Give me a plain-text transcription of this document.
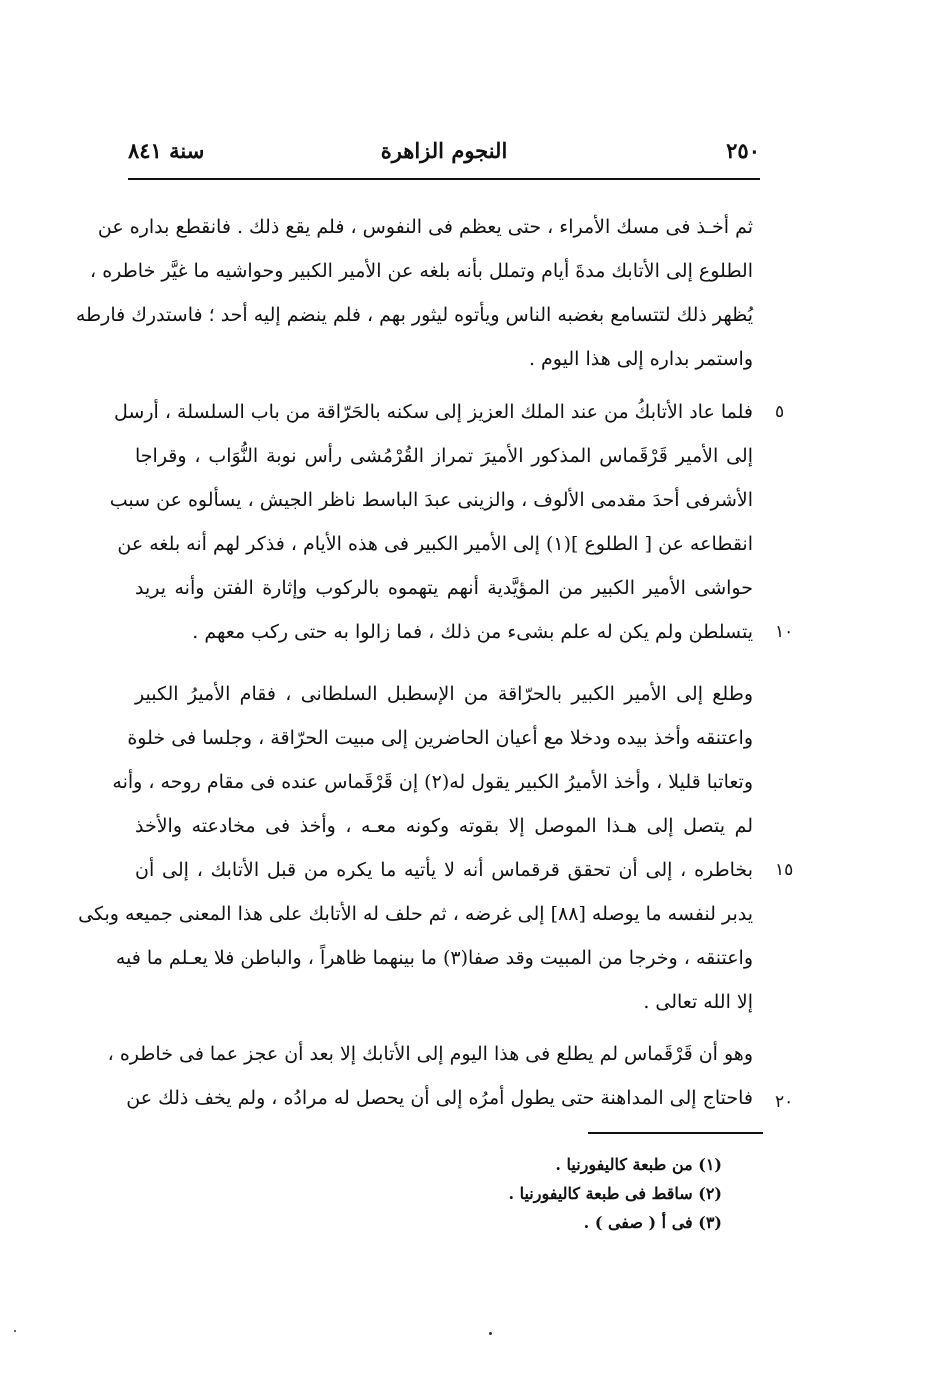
٢٥٠
النجوم الزاهرة
سنة ٨٤١
ثم أخـذ فى مسك الأمراء ، حتى يعظم فى النفوس ، فلم يقع ذلك . فانقطع بداره عن
الطلوع إلى الأتابك مدةَ أيام وتملل بأنه بلغه عن الأمير الكبير وحواشيه ما غيَّر خاطره ،
يُظهر ذلك لتتسامع بغضبه الناس ويأتوه ليثور بهم ، فلم ينضم إليه أحد ؛ فاستدرك فارطه
واستمر بداره إلى هذا اليوم .
فلما عاد الأتابكُ من عند الملك العزيز إلى سكنه بالحَرّاقة من باب السلسلة ، أرسل
إلى الأمير قَرْقَماس المذكور الأميرَ تمراز القُرْمُشى رأس نوبة النُّوَاب ، وقراجا
الأشرفى أحدَ مقدمى الألوف ، والزينى عبدَ الباسط ناظر الجيش ، يسألوه عن سبب
انقطاعه عن [ الطلوع ](١) إلى الأمير الكبير فى هذه الأيام ، فذكر لهم أنه بلغه عن
حواشى الأمير الكبير من المؤيَّدية أنهم يتهموه بالركوب وإثارة الفتن وأنه يريد
يتسلطن ولم يكن له علم بشىء من ذلك ، فما زالوا به حتى ركب معهم .
وطلع إلى الأمير الكبير بالحرّاقة من الإسطبل السلطانى ، فقام الأميرُ الكبير
واعتنقه وأخذ بيده ودخلا مع أعيان الحاضرين إلى مبيت الحرّاقة ، وجلسا فى خلوة
وتعاتبا قليلا ، وأخذ الأميرُ الكبير يقول له(٢) إن قَرْقَماس عنده فى مقام روحه ، وأنه
لم يتصل إلى هـذا الموصل إلا بقوته وكونه معـه ، وأخذ فى مخادعته والأخذ
بخاطره ، إلى أن تحقق قرقماس أنه لا يأتيه ما يكره من قبل الأتابك ، إلى أن
يدبر لنفسه ما يوصله [٨٨] إلى غرضه ، ثم حلف له الأتابك على هذا المعنى جميعه وبكى
واعتنقه ، وخرجا من المبيت وقد صفا(٣) ما بينهما ظاهراً ، والباطن فلا يعـلم ما فيه
إلا الله تعالى .
وهو أن قَرْقَماس لم يطلع فى هذا اليوم إلى الأتابك إلا بعد أن عجز عما فى خاطره ،
فاحتاج إلى المداهنة حتى يطول أمرُه إلى أن يحصل له مرادُه ، ولم يخف ذلك عن
٥
١٠
١٥
٢٠
(١) من طبعة كاليفورنيا .
(٢) ساقط فى طبعة كاليفورنيا .
(٣) فى أ ( صفى ) .
